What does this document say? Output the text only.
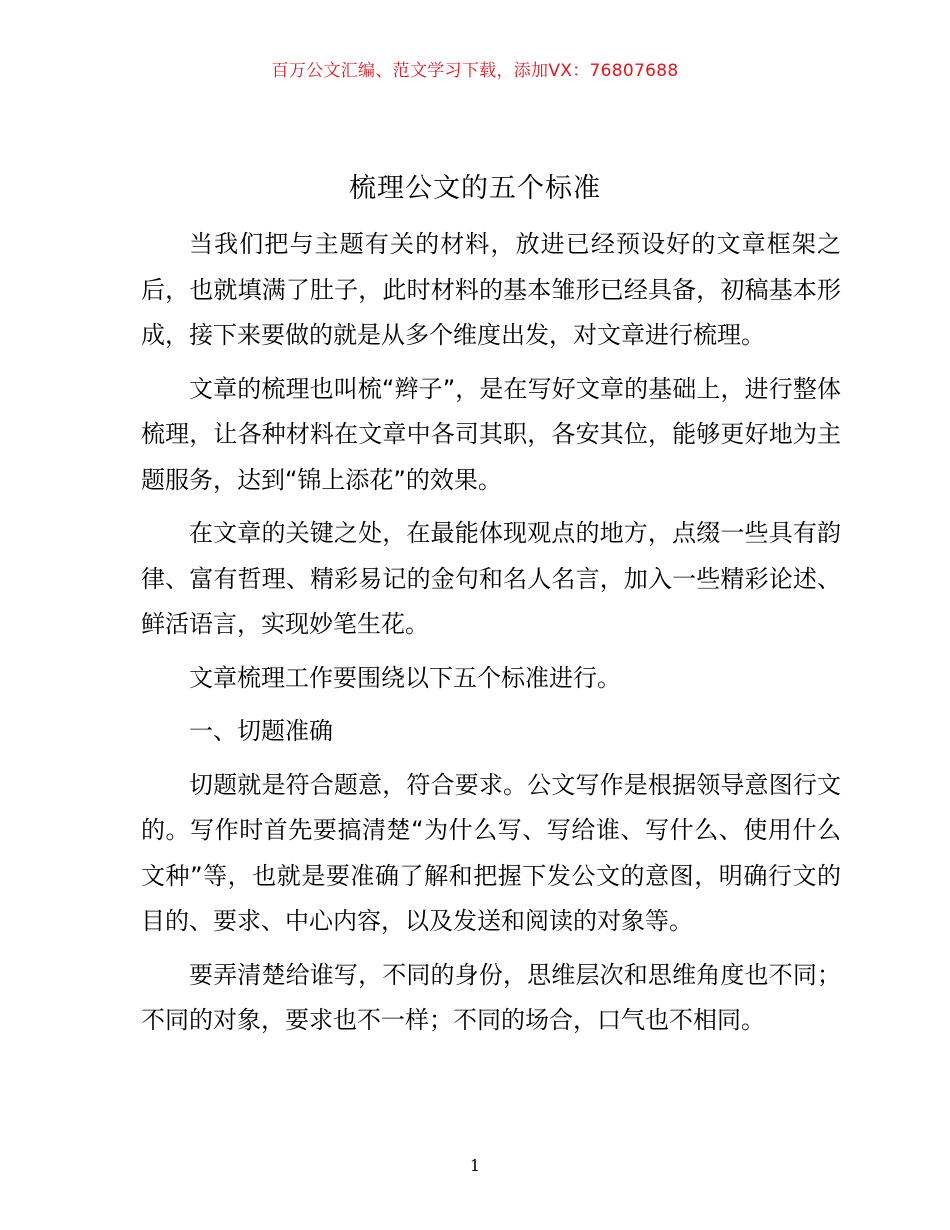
百万公文汇编、范文学习下载，添加VX：76807688
梳理公文的五个标准

当我们把与主题有关的材料，放进已经预设好的文章框架之后，也就填满了肚子，此时材料的基本雏形已经具备，初稿基本形成，接下来要做的就是从多个维度出发，对文章进行梳理。

文章的梳理也叫梳“辫子”，是在写好文章的基础上，进行整体梳理，让各种材料在文章中各司其职，各安其位，能够更好地为主题服务，达到“锦上添花”的效果。

在文章的关键之处，在最能体现观点的地方，点缀一些具有韵律、富有哲理、精彩易记的金句和名人名言，加入一些精彩论述、鲜活语言，实现妙笔生花。

文章梳理工作要围绕以下五个标准进行。

一、切题准确

切题就是符合题意，符合要求。公文写作是根据领导意图行文的。写作时首先要搞清楚“为什么写、写给谁、写什么、使用什么文种”等，也就是要准确了解和把握下发公文的意图，明确行文的目的、要求、中心内容，以及发送和阅读的对象等。

要弄清楚给谁写，不同的身份，思维层次和思维角度也不同；不同的对象，要求也不一样；不同的场合，口气也不相同。

1
